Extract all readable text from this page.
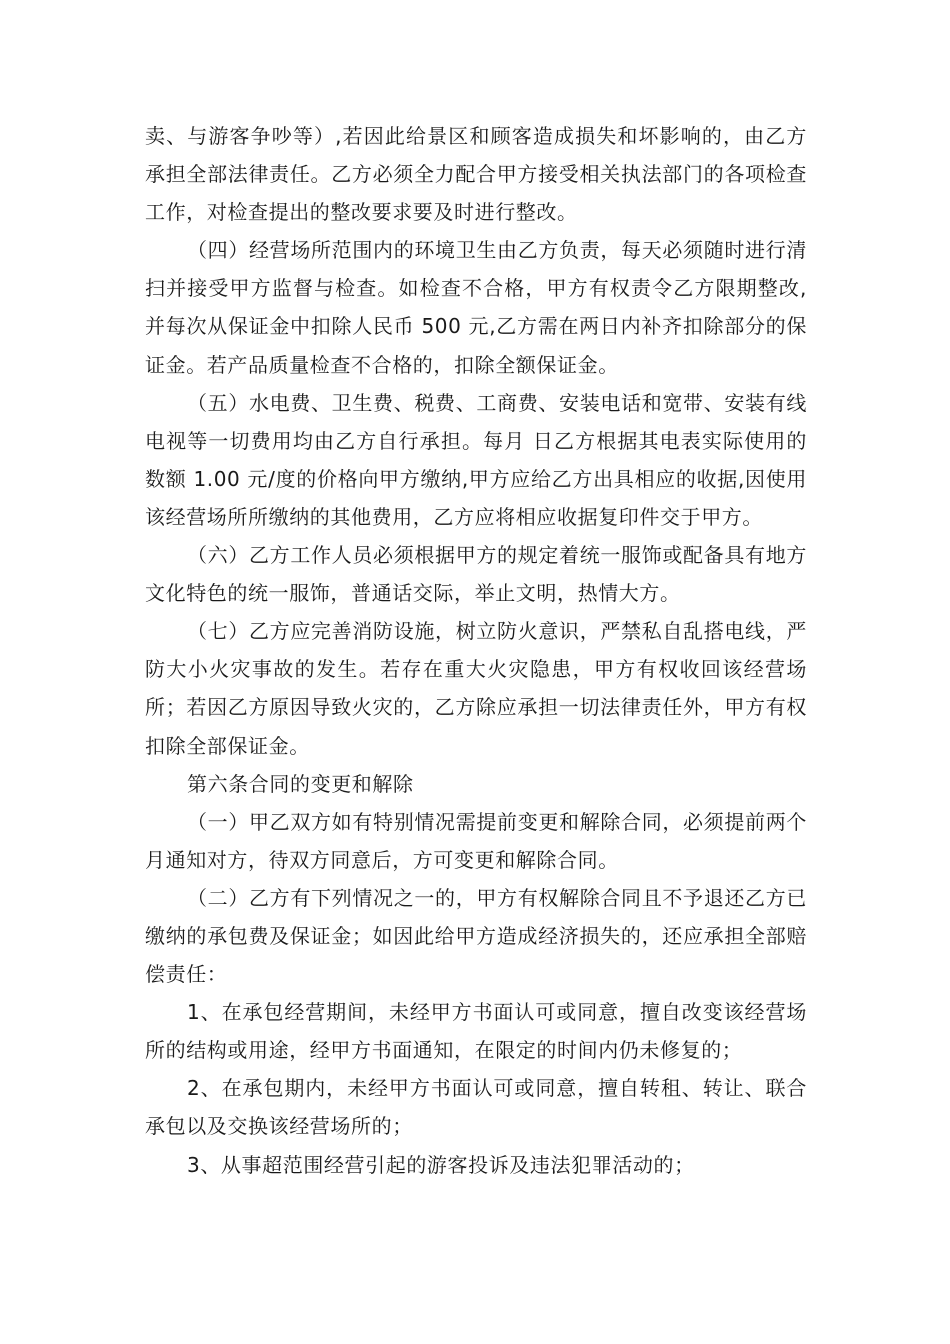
卖、与游客争吵等）,若因此给景区和顾客造成损失和坏影响的，由乙方承担全部法律责任。乙方必须全力配合甲方接受相关执法部门的各项检查工作，对检查提出的整改要求要及时进行整改。

（四）经营场所范围内的环境卫生由乙方负责，每天必须随时进行清扫并接受甲方监督与检查。如检查不合格，甲方有权责令乙方限期整改,并每次从保证金中扣除人民币 500 元,乙方需在两日内补齐扣除部分的保证金。若产品质量检查不合格的，扣除全额保证金。

（五）水电费、卫生费、税费、工商费、安装电话和宽带、安装有线电视等一切费用均由乙方自行承担。每月 日乙方根据其电表实际使用的数额 1.00 元/度的价格向甲方缴纳,甲方应给乙方出具相应的收据,因使用该经营场所所缴纳的其他费用，乙方应将相应收据复印件交于甲方。

（六）乙方工作人员必须根据甲方的规定着统一服饰或配备具有地方文化特色的统一服饰，普通话交际，举止文明，热情大方。

（七）乙方应完善消防设施，树立防火意识，严禁私自乱搭电线，严防大小火灾事故的发生。若存在重大火灾隐患，甲方有权收回该经营场所；若因乙方原因导致火灾的，乙方除应承担一切法律责任外，甲方有权扣除全部保证金。

第六条合同的变更和解除

（一）甲乙双方如有特别情况需提前变更和解除合同，必须提前两个月通知对方，待双方同意后，方可变更和解除合同。

（二）乙方有下列情况之一的，甲方有权解除合同且不予退还乙方已缴纳的承包费及保证金；如因此给甲方造成经济损失的，还应承担全部赔偿责任：

1、在承包经营期间，未经甲方书面认可或同意，擅自改变该经营场所的结构或用途，经甲方书面通知，在限定的时间内仍未修复的；

2、在承包期内，未经甲方书面认可或同意，擅自转租、转让、联合承包以及交换该经营场所的；

3、从事超范围经营引起的游客投诉及违法犯罪活动的；
